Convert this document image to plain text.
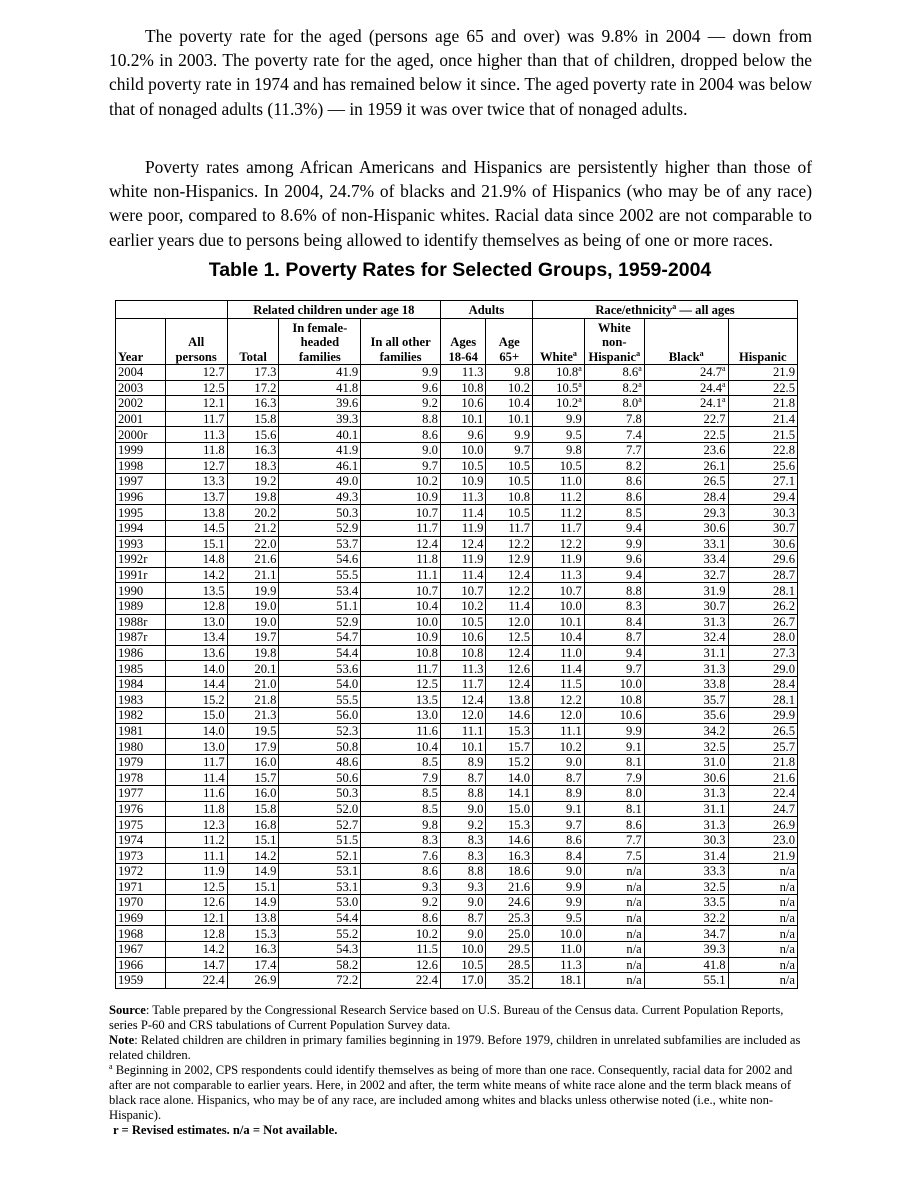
The poverty rate for the aged (persons age 65 and over) was 9.8% in 2004 — down from 10.2% in 2003. The poverty rate for the aged, once higher than that of children, dropped below the child poverty rate in 1974 and has remained below it since. The aged poverty rate in 2004 was below that of nonaged adults (11.3%) — in 1959 it was over twice that of nonaged adults.

Poverty rates among African Americans and Hispanics are persistently higher than those of white non-Hispanics. In 2004, 24.7% of blacks and 21.9% of Hispanics (who may be of any race) were poor, compared to 8.6% of non-Hispanic whites. Racial data since 2002 are not comparable to earlier years due to persons being allowed to identify themselves as being of one or more races.

Table 1. Poverty Rates for Selected Groups, 1959-2004
		Related children under age 18			Adults		Race/ethnicity$^a$ — all ages			
Year	All persons	Total	In female-headed families	In all other families	Ages 18-64	Age 65+	White$^a$	White non-Hispanic$^a$	Black$^a$	Hispanic
2004	12.7	17.3	41.9	9.9	11.3	9.8	10.8$^a$	8.6$^a$	24.7$^a$	21.9
2003	12.5	17.2	41.8	9.6	10.8	10.2	10.5$^a$	8.2$^a$	24.4$^a$	22.5
2002	12.1	16.3	39.6	9.2	10.6	10.4	10.2$^a$	8.0$^a$	24.1$^a$	21.8
2001	11.7	15.8	39.3	8.8	10.1	10.1	9.9	7.8	22.7	21.4
2000r	11.3	15.6	40.1	8.6	9.6	9.9	9.5	7.4	22.5	21.5
1999	11.8	16.3	41.9	9.0	10.0	9.7	9.8	7.7	23.6	22.8
1998	12.7	18.3	46.1	9.7	10.5	10.5	10.5	8.2	26.1	25.6
1997	13.3	19.2	49.0	10.2	10.9	10.5	11.0	8.6	26.5	27.1
1996	13.7	19.8	49.3	10.9	11.3	10.8	11.2	8.6	28.4	29.4
1995	13.8	20.2	50.3	10.7	11.4	10.5	11.2	8.5	29.3	30.3
1994	14.5	21.2	52.9	11.7	11.9	11.7	11.7	9.4	30.6	30.7
1993	15.1	22.0	53.7	12.4	12.4	12.2	12.2	9.9	33.1	30.6
1992r	14.8	21.6	54.6	11.8	11.9	12.9	11.9	9.6	33.4	29.6
1991r	14.2	21.1	55.5	11.1	11.4	12.4	11.3	9.4	32.7	28.7
1990	13.5	19.9	53.4	10.7	10.7	12.2	10.7	8.8	31.9	28.1
1989	12.8	19.0	51.1	10.4	10.2	11.4	10.0	8.3	30.7	26.2
1988r	13.0	19.0	52.9	10.0	10.5	12.0	10.1	8.4	31.3	26.7
1987r	13.4	19.7	54.7	10.9	10.6	12.5	10.4	8.7	32.4	28.0
1986	13.6	19.8	54.4	10.8	10.8	12.4	11.0	9.4	31.1	27.3
1985	14.0	20.1	53.6	11.7	11.3	12.6	11.4	9.7	31.3	29.0
1984	14.4	21.0	54.0	12.5	11.7	12.4	11.5	10.0	33.8	28.4
1983	15.2	21.8	55.5	13.5	12.4	13.8	12.2	10.8	35.7	28.1
1982	15.0	21.3	56.0	13.0	12.0	14.6	12.0	10.6	35.6	29.9
1981	14.0	19.5	52.3	11.6	11.1	15.3	11.1	9.9	34.2	26.5
1980	13.0	17.9	50.8	10.4	10.1	15.7	10.2	9.1	32.5	25.7
1979	11.7	16.0	48.6	8.5	8.9	15.2	9.0	8.1	31.0	21.8
1978	11.4	15.7	50.6	7.9	8.7	14.0	8.7	7.9	30.6	21.6
1977	11.6	16.0	50.3	8.5	8.8	14.1	8.9	8.0	31.3	22.4
1976	11.8	15.8	52.0	8.5	9.0	15.0	9.1	8.1	31.1	24.7
1975	12.3	16.8	52.7	9.8	9.2	15.3	9.7	8.6	31.3	26.9
1974	11.2	15.1	51.5	8.3	8.3	14.6	8.6	7.7	30.3	23.0
1973	11.1	14.2	52.1	7.6	8.3	16.3	8.4	7.5	31.4	21.9
1972	11.9	14.9	53.1	8.6	8.8	18.6	9.0	n/a	33.3	n/a
1971	12.5	15.1	53.1	9.3	9.3	21.6	9.9	n/a	32.5	n/a
1970	12.6	14.9	53.0	9.2	9.0	24.6	9.9	n/a	33.5	n/a
1969	12.1	13.8	54.4	8.6	8.7	25.3	9.5	n/a	32.2	n/a
1968	12.8	15.3	55.2	10.2	9.0	25.0	10.0	n/a	34.7	n/a
1967	14.2	16.3	54.3	11.5	10.0	29.5	11.0	n/a	39.3	n/a
1966	14.7	17.4	58.2	12.6	10.5	28.5	11.3	n/a	41.8	n/a
1959	22.4	26.9	72.2	22.4	17.0	35.2	18.1	n/a	55.1	n/a

Source: Table prepared by the Congressional Research Service based on U.S. Bureau of the Census data. Current Population Reports, series P-60 and CRS tabulations of Current Population Survey data.

Note: Related children are children in primary families beginning in 1979. Before 1979, children in unrelated subfamilies are included as related children.

$^a$ Beginning in 2002, CPS respondents could identify themselves as being of more than one race. Consequently, racial data for 2002 and after are not comparable to earlier years. Here, in 2002 and after, the term white means of white race alone and the term black means of black race alone. Hispanics, who may be of any race, are included among whites and blacks unless otherwise noted (i.e., white non-Hispanic).

r = Revised estimates. n/a = Not available.
